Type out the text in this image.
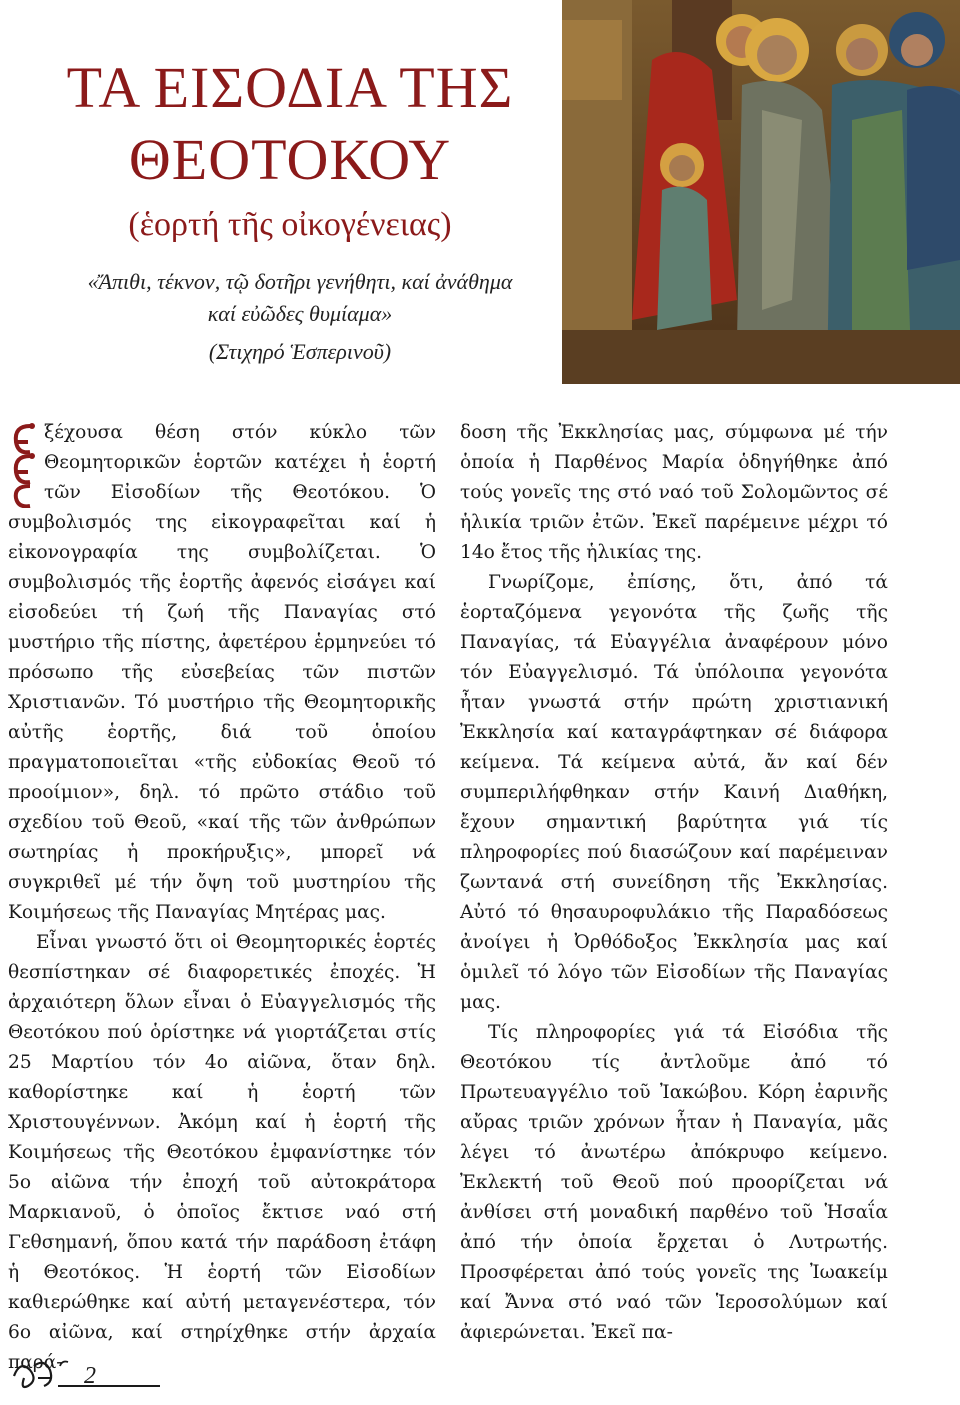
ΤΑ ΕΙΣΟΔΙΑ ΤΗΣ
ΘΕΟΤΟΚΟΥ
(ἑορτή τῆς οἰκογένειας)
«Ἄπιθι, τέκνον, τῷ δοτῆρι γενήθητι, καί ἀνάθημα
καί εὐῶδες θυμίαμα»
(Στιχηρό Ἑσπερινοῦ)

ξέχουσα θέση στόν κύκλο τῶν Θεομητορικῶν ἑορτῶν κατέχει ἡ ἑορτή τῶν Εἰσοδίων τῆς Θεοτόκου. Ὁ συμβολισμός της εἰκογραφεῖται καί ἡ εἰκονογραφία της συμβολίζεται. Ὁ συμβολισμός τῆς ἑορτῆς ἀφενός εἰσάγει καί εἰσοδεύει τή ζωή τῆς Παναγίας στό μυστήριο τῆς πίστης, ἀφετέρου ἑρμηνεύει τό πρόσωπο τῆς εὐσεβείας τῶν πιστῶν Χριστιανῶν. Τό μυστήριο τῆς Θεομητορικῆς αὐτῆς ἑορτῆς, διά τοῦ ὁποίου πραγματοποιεῖται «τῆς εὐδοκίας Θεοῦ τό προοίμιον», δηλ. τό πρῶτο στάδιο τοῦ σχεδίου τοῦ Θεοῦ, «καί τῆς τῶν ἀνθρώπων σωτηρίας ἡ προκήρυξις», μπορεῖ νά συγκριθεῖ μέ τήν ὄψη τοῦ μυστηρίου τῆς Κοιμήσεως τῆς Παναγίας Μητέρας μας.

Εἶναι γνωστό ὅτι οἱ Θεομητορικές ἑορτές θεσπίστηκαν σέ διαφορετικές ἐποχές. Ἡ ἀρχαιότερη ὅλων εἶναι ὁ Εὐαγγελισμός τῆς Θεοτόκου πού ὁρίστηκε νά γιορτάζεται στίς 25 Μαρτίου τόν 4ο αἰῶνα, ὅταν δηλ. καθορίστηκε καί ἡ ἑορτή τῶν Χριστουγέννων. Ἀκόμη καί ἡ ἑορτή τῆς Κοιμήσεως τῆς Θεοτόκου ἐμφανίστηκε τόν 5ο αἰῶνα τήν ἐποχή τοῦ αὐτοκράτορα Μαρκιανοῦ, ὁ ὁποῖος ἔκτισε ναό στή Γεθσημανή, ὅπου κατά τήν παράδοση ἐτάφη ἡ Θεοτόκος. Ἡ ἑορτή τῶν Εἰσοδίων καθιερώθηκε καί αὐτή μεταγενέστερα, τόν 6ο αἰῶνα, καί στηρίχθηκε στήν ἀρχαία παρά-

δοση τῆς Ἐκκλησίας μας, σύμφωνα μέ τήν ὁποία ἡ Παρθένος Μαρία ὁδηγήθηκε ἀπό τούς γονεῖς της στό ναό τοῦ Σολομῶντος σέ ἡλικία τριῶν ἐτῶν. Ἐκεῖ παρέμεινε μέχρι τό 14ο ἔτος τῆς ἡλικίας της.

Γνωρίζομε, ἐπίσης, ὅτι, ἀπό τά ἑορταζόμενα γεγονότα τῆς ζωῆς τῆς Παναγίας, τά Εὐαγγέλια ἀναφέρουν μόνο τόν Εὐαγγελισμό. Τά ὑπόλοιπα γεγονότα ἦταν γνωστά στήν πρώτη χριστιανική Ἐκκλησία καί καταγράφτηκαν σέ διάφορα κείμενα. Τά κείμενα αὐτά, ἄν καί δέν συμπεριλήφθηκαν στήν Καινή Διαθήκη, ἔχουν σημαντική βαρύτητα γιά τίς πληροφορίες πού διασώζουν καί παρέμειναν ζωντανά στή συνείδηση τῆς Ἐκκλησίας. Αὐτό τό θησαυροφυλάκιο τῆς Παραδόσεως ἀνοίγει ἡ Ὀρθόδοξος Ἐκκλησία μας καί ὁμιλεῖ τό λόγο τῶν Εἰσοδίων τῆς Παναγίας μας.

Τίς πληροφορίες γιά τά Εἰσόδια τῆς Θεοτόκου τίς ἀντλοῦμε ἀπό τό Πρωτευαγγέλιο τοῦ Ἰακώβου. Κόρη ἐαρινῆς αὔρας τριῶν χρόνων ἦταν ἡ Παναγία, μᾶς λέγει τό ἀνωτέρω ἀπόκρυφο κείμενο. Ἐκλεκτή τοῦ Θεοῦ πού προορίζεται νά ἀνθίσει στή μοναδική παρθένο τοῦ Ἡσαΐα ἀπό τήν ὁποία ἔρχεται ὁ Λυτρωτής. Προσφέρεται ἀπό τούς γονεῖς της Ἰωακείμ καί Ἄννα στό ναό τῶν Ἱεροσολύμων καί ἀφιερώνεται. Ἐκεῖ πα-

2
